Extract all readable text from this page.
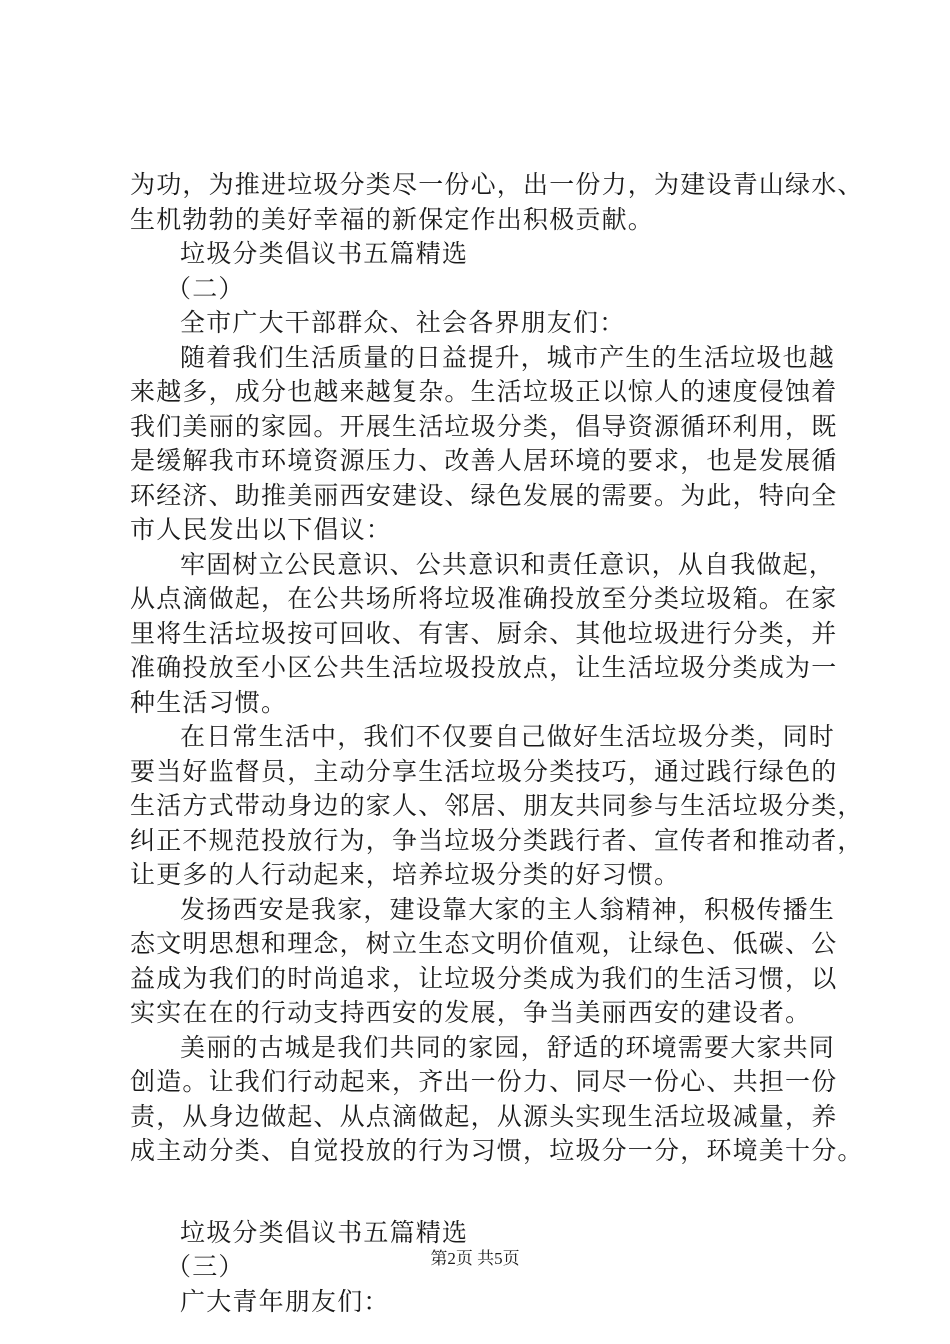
为功，为推进垃圾分类尽一份心，出一份力，为建设青山绿水、
生机勃勃的美好幸福的新保定作出积极贡献。
垃圾分类倡议书五篇精选
（二）
全市广大干部群众、社会各界朋友们：
随着我们生活质量的日益提升，城市产生的生活垃圾也越
来越多，成分也越来越复杂。生活垃圾正以惊人的速度侵蚀着
我们美丽的家园。开展生活垃圾分类，倡导资源循环利用，既
是缓解我市环境资源压力、改善人居环境的要求，也是发展循
环经济、助推美丽西安建设、绿色发展的需要。为此，特向全
市人民发出以下倡议：
牢固树立公民意识、公共意识和责任意识，从自我做起，
从点滴做起，在公共场所将垃圾准确投放至分类垃圾箱。在家
里将生活垃圾按可回收、有害、厨余、其他垃圾进行分类，并
准确投放至小区公共生活垃圾投放点，让生活垃圾分类成为一
种生活习惯。
在日常生活中，我们不仅要自己做好生活垃圾分类，同时
要当好监督员，主动分享生活垃圾分类技巧，通过践行绿色的
生活方式带动身边的家人、邻居、朋友共同参与生活垃圾分类，
纠正不规范投放行为，争当垃圾分类践行者、宣传者和推动者，
让更多的人行动起来，培养垃圾分类的好习惯。
发扬西安是我家，建设靠大家的主人翁精神，积极传播生
态文明思想和理念，树立生态文明价值观，让绿色、低碳、公
益成为我们的时尚追求，让垃圾分类成为我们的生活习惯，以
实实在在的行动支持西安的发展，争当美丽西安的建设者。
美丽的古城是我们共同的家园，舒适的环境需要大家共同
创造。让我们行动起来，齐出一份力、同尽一份心、共担一份
责，从身边做起、从点滴做起，从源头实现生活垃圾减量，养
成主动分类、自觉投放的行为习惯，垃圾分一分，环境美十分。
垃圾分类倡议书五篇精选
（三）
广大青年朋友们：
第2页 共5页
